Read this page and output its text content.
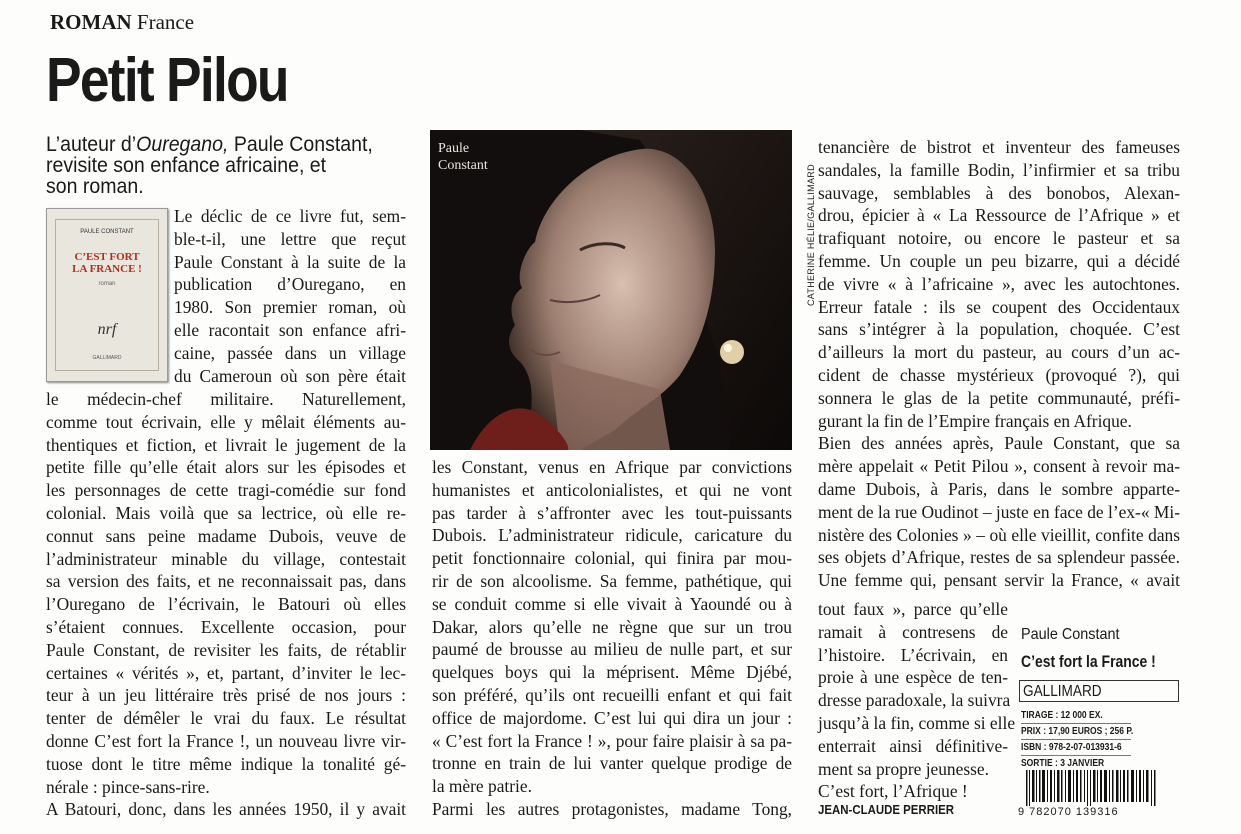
ROMAN France
Petit Pilou
L’auteur d’Ouregano, Paule Constant,
revisite son enfance africaine, et
son roman.
PAULE CONSTANT
C’EST FORT
LA FRANCE !
roman
nrf
GALLIMARD
Le déclic de ce livre fut, sem-
ble-t-il, une lettre que reçut
Paule Constant à la suite de la
publication d’Ouregano, en
1980. Son premier roman, où
elle racontait son enfance afri-
caine, passée dans un village
du Cameroun où son père était
le médecin-chef militaire. Naturellement,
comme tout écrivain, elle y mêlait éléments au-
thentiques et fiction, et livrait le jugement de la
petite fille qu’elle était alors sur les épisodes et
les personnages de cette tragi-comédie sur fond
colonial. Mais voilà que sa lectrice, où elle re-
connut sans peine madame Dubois, veuve de
l’administrateur minable du village, contestait
sa version des faits, et ne reconnaissait pas, dans
l’Ouregano de l’écrivain, le Batouri où elles
s’étaient connues. Excellente occasion, pour
Paule Constant, de revisiter les faits, de rétablir
certaines « vérités », et, partant, d’inviter le lec-
teur à un jeu littéraire très prisé de nos jours :
tenter de démêler le vrai du faux. Le résultat
donne C’est fort la France !, un nouveau livre vir-
tuose dont le titre même indique la tonalité gé-
nérale : pince-sans-rire.
A Batouri, donc, dans les années 1950, il y avait
Paule
Constant	CATHERINE HÉLIE/GALLIMARD
les Constant, venus en Afrique par convictions
humanistes et anticolonialistes, et qui ne vont
pas tarder à s’affronter avec les tout-puissants
Dubois. L’administrateur ridicule, caricature du
petit fonctionnaire colonial, qui finira par mou-
rir de son alcoolisme. Sa femme, pathétique, qui
se conduit comme si elle vivait à Yaoundé ou à
Dakar, alors qu’elle ne règne que sur un trou
paumé de brousse au milieu de nulle part, et sur
quelques boys qui la méprisent. Même Djébé,
son préféré, qu’ils ont recueilli enfant et qui fait
office de majordome. C’est lui qui dira un jour :
« C’est fort la France ! », pour faire plaisir à sa pa-
tronne en train de lui vanter quelque prodige de
la mère patrie.
Parmi les autres protagonistes, madame Tong,
tenancière de bistrot et inventeur des fameuses
sandales, la famille Bodin, l’infirmier et sa tribu
sauvage, semblables à des bonobos, Alexan-
drou, épicier à « La Ressource de l’Afrique » et
trafiquant notoire, ou encore le pasteur et sa
femme. Un couple un peu bizarre, qui a décidé
de vivre « à l’africaine », avec les autochtones.
Erreur fatale : ils se coupent des Occidentaux
sans s’intégrer à la population, choquée. C’est
d’ailleurs la mort du pasteur, au cours d’un ac-
cident de chasse mystérieux (provoqué ?), qui
sonnera le glas de la petite communauté, préfi-
gurant la fin de l’Empire français en Afrique.
Bien des années après, Paule Constant, que sa
mère appelait « Petit Pilou », consent à revoir ma-
dame Dubois, à Paris, dans le sombre apparte-
ment de la rue Oudinot – juste en face de l’ex-« Mi-
nistère des Colonies » – où elle vieillit, confite dans
ses objets d’Afrique, restes de sa splendeur passée.
Une femme qui, pensant servir la France, « avait
tout faux », parce qu’elle
ramait à contresens de
l’histoire. L’écrivain, en
proie à une espèce de ten-
dresse paradoxale, la suivra
jusqu’à la fin, comme si elle
enterrait ainsi définitive-
ment sa propre jeunesse.
C’est fort, l’Afrique !
JEAN-CLAUDE PERRIER
Paule Constant
C’est fort la France !
GALLIMARD
TIRAGE : 12 000 EX.
PRIX : 17,90 EUROS ; 256 P.
ISBN : 978-2-07-013931-6
SORTIE : 3 JANVIER
9 782070 139316
